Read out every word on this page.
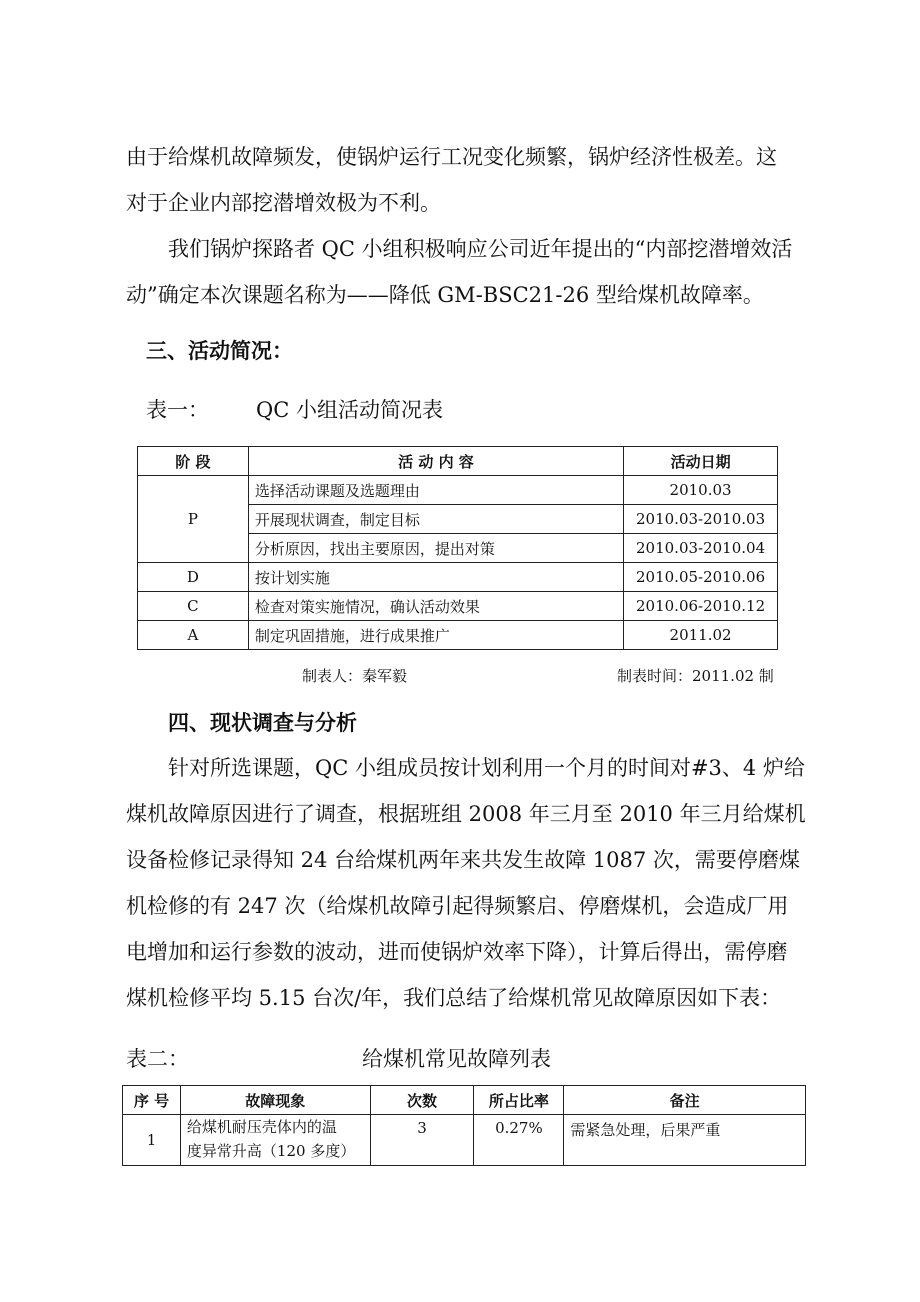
由于给煤机故障频发，使锅炉运行工况变化频繁，锅炉经济性极差。这
对于企业内部挖潜增效极为不利。
我们锅炉探路者 QC 小组积极响应公司近年提出的“内部挖潜增效活
动”确定本次课题名称为——降低 GM-BSC21-26 型给煤机故障率。
三、活动简况：
表一： QC 小组活动简况表
阶 段	活 动 内 容	活动日期
P	选择活动课题及选题理由	2010.03
	开展现状调查，制定目标	2010.03-2010.03
	分析原因，找出主要原因，提出对策	2010.03-2010.04
D	按计划实施	2010.05-2010.06
C	检查对策实施情况，确认活动效果	2010.06-2010.12
A	制定巩固措施，进行成果推广	2011.02
制表人：秦军毅	制表时间：2011.02 制
四、现状调查与分析
针对所选课题，QC 小组成员按计划利用一个月的时间对#3、4 炉给
煤机故障原因进行了调查，根据班组 2008 年三月至 2010 年三月给煤机
设备检修记录得知 24 台给煤机两年来共发生故障 1087 次，需要停磨煤
机检修的有 247 次（给煤机故障引起得频繁启、停磨煤机，会造成厂用
电增加和运行参数的波动，进而使锅炉效率下降），计算后得出，需停磨
煤机检修平均 5.15 台次/年，我们总结了给煤机常见故障原因如下表：
表二：	给煤机常见故障列表
序 号	故障现象	次数	所占比率	备注
1	给煤机耐压壳体内的温
度异常升高（120 多度）	3	0.27%	需紧急处理，后果严重
